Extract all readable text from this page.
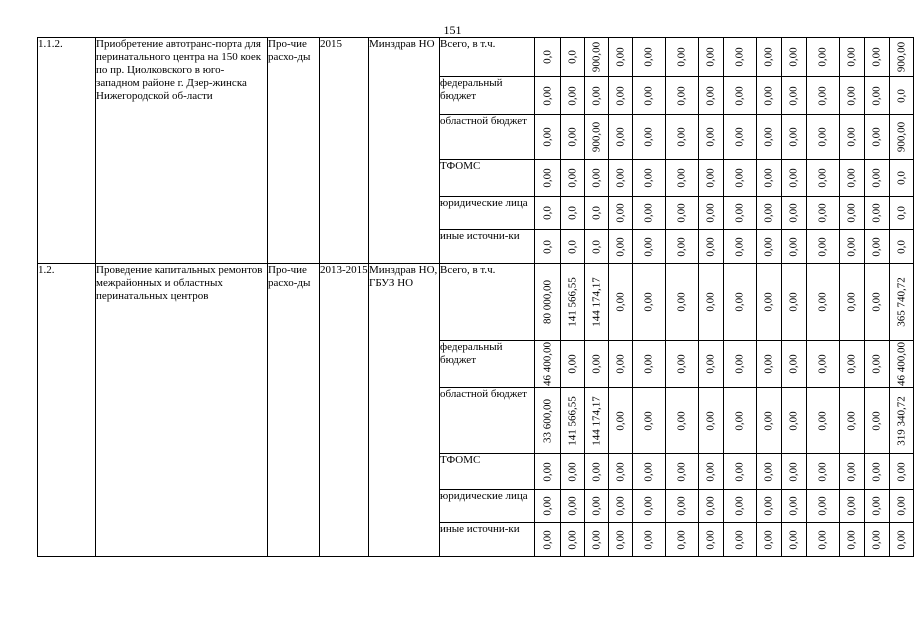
151
1.1.2.	Приобретение автотранс-порта для перинатального центра на 150 коек по пр. Циолковского в юго-западном районе г. Дзер-жинска Нижегородской об-ласти	Про-чие расхо-ды	2015	Минздрав НО	Всего, в т.ч.	0,0	0,0	900,00	0,00	0,00	0,00	0,00	0,00	0,00	0,00	0,00	0,00	0,00	900,00

					федеральный бюджет	0,00	0,00	0,00	0,00	0,00	0,00	0,00	0,00	0,00	0,00	0,00	0,00	0,00	0,0

					областной бюджет	0,00	0,00	900,00	0,00	0,00	0,00	0,00	0,00	0,00	0,00	0,00	0,00	0,00	900,00

					ТФОМС	0,00	0,00	0,00	0,00	0,00	0,00	0,00	0,00	0,00	0,00	0,00	0,00	0,00	0,0

					юридические лица	0,0	0,0	0,0	0,00	0,00	0,00	0,00	0,00	0,00	0,00	0,00	0,00	0,00	0,0

					иные источни-ки	0,0	0,0	0,0	0,00	0,00	0,00	0,00	0,00	0,00	0,00	0,00	0,00	0,00	0,0

1.2.	Проведение капитальных ремонтов межрайонных и областных перинатальных центров	Про-чие расхо-ды	2013-2015	Минздрав НО, ГБУЗ НО	Всего, в т.ч.	80 000,00	141 566,55	144 174,17	0,00	0,00	0,00	0,00	0,00	0,00	0,00	0,00	0,00	0,00	365 740,72

					федеральный бюджет	46 400,00	0,00	0,00	0,00	0,00	0,00	0,00	0,00	0,00	0,00	0,00	0,00	0,00	46 400,00

					областной бюджет	33 600,00	141 566,55	144 174,17	0,00	0,00	0,00	0,00	0,00	0,00	0,00	0,00	0,00	0,00	319 340,72

					ТФОМС	0,00	0,00	0,00	0,00	0,00	0,00	0,00	0,00	0,00	0,00	0,00	0,00	0,00	0,00

					юридические лица	0,00	0,00	0,00	0,00	0,00	0,00	0,00	0,00	0,00	0,00	0,00	0,00	0,00	0,00

					иные источни-ки	0,00	0,00	0,00	0,00	0,00	0,00	0,00	0,00	0,00	0,00	0,00	0,00	0,00	0,00
